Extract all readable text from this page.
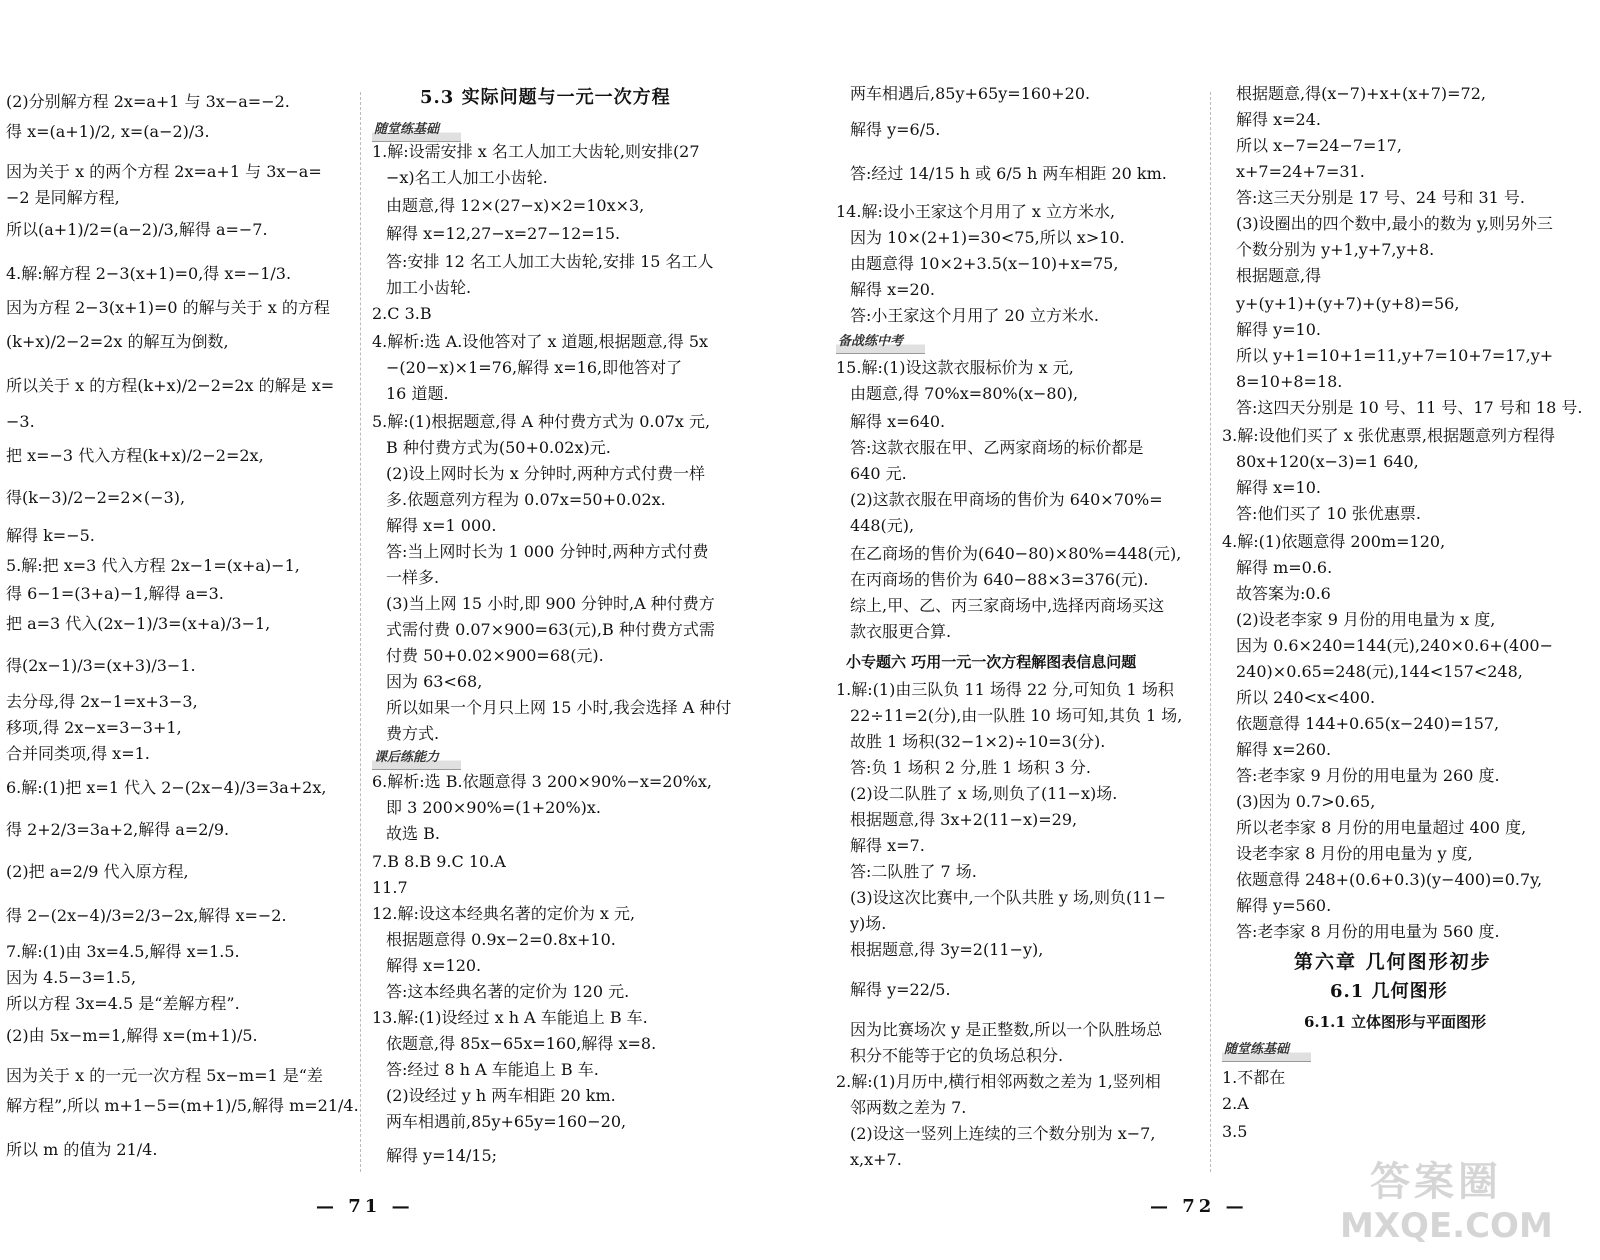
(2)分别解方程 2x=a+1 与 3x−a=−2.
得 x=(a+1)/2, x=(a−2)/3.
因为关于 x 的两个方程 2x=a+1 与 3x−a=
−2 是同解方程,
所以(a+1)/2=(a−2)/3,解得 a=−7.
4.解:解方程 2−3(x+1)=0,得 x=−1/3.
因为方程 2−3(x+1)=0 的解与关于 x 的方程
(k+x)/2−2=2x 的解互为倒数,
所以关于 x 的方程(k+x)/2−2=2x 的解是 x=
−3.
把 x=−3 代入方程(k+x)/2−2=2x,
得(k−3)/2−2=2×(−3),
解得 k=−5.
5.解:把 x=3 代入方程 2x−1=(x+a)−1,
得 6−1=(3+a)−1,解得 a=3.
把 a=3 代入(2x−1)/3=(x+a)/3−1,
得(2x−1)/3=(x+3)/3−1.
去分母,得 2x−1=x+3−3,
移项,得 2x−x=3−3+1,
合并同类项,得 x=1.
6.解:(1)把 x=1 代入 2−(2x−4)/3=3a+2x,
得 2+2/3=3a+2,解得 a=2/9.
(2)把 a=2/9 代入原方程,
得 2−(2x−4)/3=2/3−2x,解得 x=−2.
7.解:(1)由 3x=4.5,解得 x=1.5.
因为 4.5−3=1.5,
所以方程 3x=4.5 是“差解方程”.
(2)由 5x−m=1,解得 x=(m+1)/5.
因为关于 x 的一元一次方程 5x−m=1 是“差
解方程”,所以 m+1−5=(m+1)/5,解得 m=21/4.
所以 m 的值为 21/4.
5.3 实际问题与一元一次方程
随堂练基础
1.解:设需安排 x 名工人加工大齿轮,则安排(27
−x)名工人加工小齿轮.
由题意,得 12×(27−x)×2=10x×3,
解得 x=12,27−x=27−12=15.
答:安排 12 名工人加工大齿轮,安排 15 名工人
加工小齿轮.
2.C 3.B
4.解析:选 A.设他答对了 x 道题,根据题意,得 5x
−(20−x)×1=76,解得 x=16,即他答对了
16 道题.
5.解:(1)根据题意,得 A 种付费方式为 0.07x 元,
B 种付费方式为(50+0.02x)元.
(2)设上网时长为 x 分钟时,两种方式付费一样
多.依题意列方程为 0.07x=50+0.02x.
解得 x=1 000.
答:当上网时长为 1 000 分钟时,两种方式付费
一样多.
(3)当上网 15 小时,即 900 分钟时,A 种付费方
式需付费 0.07×900=63(元),B 种付费方式需
付费 50+0.02×900=68(元).
因为 63<68,
所以如果一个月只上网 15 小时,我会选择 A 种付
费方式.
课后练能力
6.解析:选 B.依题意得 3 200×90%−x=20%x,
即 3 200×90%=(1+20%)x.
故选 B.
7.B 8.B 9.C 10.A
11.7
12.解:设这本经典名著的定价为 x 元,
根据题意得 0.9x−2=0.8x+10.
解得 x=120.
答:这本经典名著的定价为 120 元.
13.解:(1)设经过 x h A 车能追上 B 车.
依题意,得 85x−65x=160,解得 x=8.
答:经过 8 h A 车能追上 B 车.
(2)设经过 y h 两车相距 20 km.
两车相遇前,85y+65y=160−20,
解得 y=14/15;
— 71 —
两车相遇后,85y+65y=160+20.
解得 y=6/5.
答:经过 14/15 h 或 6/5 h 两车相距 20 km.
14.解:设小王家这个月用了 x 立方米水,
因为 10×(2+1)=30<75,所以 x>10.
由题意得 10×2+3.5(x−10)+x=75,
解得 x=20.
答:小王家这个月用了 20 立方米水.
备战练中考
15.解:(1)设这款衣服标价为 x 元,
由题意,得 70%x=80%(x−80),
解得 x=640.
答:这款衣服在甲、乙两家商场的标价都是
640 元.
(2)这款衣服在甲商场的售价为 640×70%=
448(元),
在乙商场的售价为(640−80)×80%=448(元),
在丙商场的售价为 640−88×3=376(元).
综上,甲、乙、丙三家商场中,选择丙商场买这
款衣服更合算.
小专题六 巧用一元一次方程解图表信息问题
1.解:(1)由三队负 11 场得 22 分,可知负 1 场积
22÷11=2(分),由一队胜 10 场可知,其负 1 场,
故胜 1 场积(32−1×2)÷10=3(分).
答:负 1 场积 2 分,胜 1 场积 3 分.
(2)设二队胜了 x 场,则负了(11−x)场.
根据题意,得 3x+2(11−x)=29,
解得 x=7.
答:二队胜了 7 场.
(3)设这次比赛中,一个队共胜 y 场,则负(11−
y)场.
根据题意,得 3y=2(11−y),
解得 y=22/5.
因为比赛场次 y 是正整数,所以一个队胜场总
积分不能等于它的负场总积分.
2.解:(1)月历中,横行相邻两数之差为 1,竖列相
邻两数之差为 7.
(2)设这一竖列上连续的三个数分别为 x−7,
x,x+7.
根据题意,得(x−7)+x+(x+7)=72,
解得 x=24.
所以 x−7=24−7=17,
x+7=24+7=31.
答:这三天分别是 17 号、24 号和 31 号.
(3)设圈出的四个数中,最小的数为 y,则另外三
个数分别为 y+1,y+7,y+8.
根据题意,得
y+(y+1)+(y+7)+(y+8)=56,
解得 y=10.
所以 y+1=10+1=11,y+7=10+7=17,y+
8=10+8=18.
答:这四天分别是 10 号、11 号、17 号和 18 号.
3.解:设他们买了 x 张优惠票,根据题意列方程得
80x+120(x−3)=1 640,
解得 x=10.
答:他们买了 10 张优惠票.
4.解:(1)依题意得 200m=120,
解得 m=0.6.
故答案为:0.6
(2)设老李家 9 月份的用电量为 x 度,
因为 0.6×240=144(元),240×0.6+(400−
240)×0.65=248(元),144<157<248,
所以 240<x<400.
依题意得 144+0.65(x−240)=157,
解得 x=260.
答:老李家 9 月份的用电量为 260 度.
(3)因为 0.7>0.65,
所以老李家 8 月份的用电量超过 400 度,
设老李家 8 月份的用电量为 y 度,
依题意得 248+(0.6+0.3)(y−400)=0.7y,
解得 y=560.
答:老李家 8 月份的用电量为 560 度.
第六章 几何图形初步
6.1 几何图形
6.1.1 立体图形与平面图形
随堂练基础
1.不都在
2.A
3.5
— 72 —
答案圈
MXQE.COM
